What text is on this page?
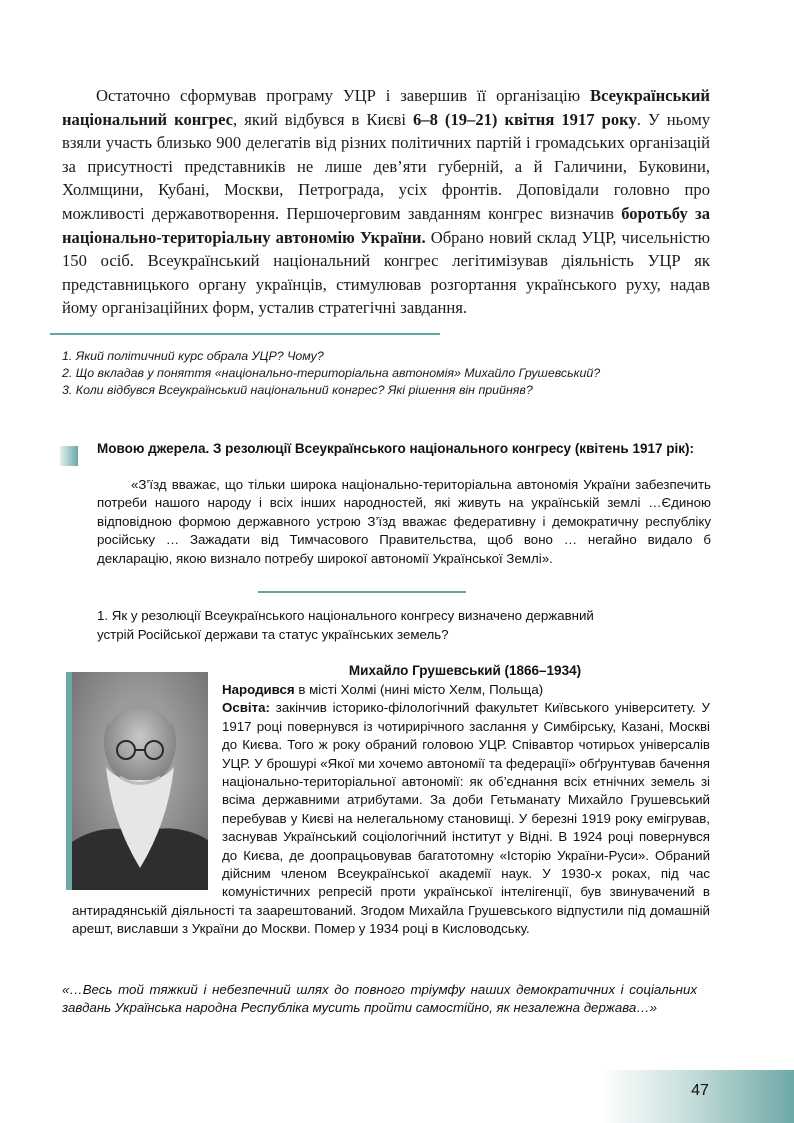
Остаточно сформував програму УЦР і завершив її організацію Всеукраїнський національний конгрес, який відбувся в Києві 6–8 (19–21) квітня 1917 року. У ньому взяли участь близько 900 делегатів від різних політичних партій і громадських організацій за присутності представників не лише дев’яти губерній, а й Галичини, Буковини, Холмщини, Кубані, Москви, Петрограда, усіх фронтів. Доповідали головно про можливості державотворення. Першочерговим завданням конгрес визначив боротьбу за національно-територіальну автономію України. Обрано новий склад УЦР, чисельністю 150 осіб. Всеукраїнський національний конгрес легітимізував діяльність УЦР як представницького органу українців, стимулював розгортання українського руху, надав йому організаційних форм, усталив стратегічні завдання.

1. Який політичний курс обрала УЦР? Чому?
2. Що вкладав у поняття «національно-територіальна автономія» Михайло Грушевський?
3. Коли відбувся Всеукраїнський національний конгрес? Які рішення він прийняв?

Мовою джерела. З резолюції Всеукраїнського національного конгресу (квітень 1917 рік):

«З’їзд вважає, що тільки широка національно-територіальна автономія України забезпечить потреби нашого народу і всіх інших народностей, які живуть на українській землі …Єдиною відповідною формою державного устрою З’їзд вважає федеративну і демократичну республіку російську … Зажадати від Тимчасового Правительства, щоб воно … негайно видало б декларацію, якою визнало потребу широкої автономії Української Землі».

1. Як у резолюції Всеукраїнського національного конгресу визначено державний
устрій Російської держави та статус українських земель?

Михайло Грушевський (1866–1934)

Народився в місті Холмі (нині місто Хелм, Польща)
Освіта: закінчив історико-філологічний факультет Київського університету. У 1917 році повернувся із чотирирічного заслання у Симбірську, Казані, Москві до Києва. Того ж року обраний головою УЦР. Співавтор чотирьох універсалів УЦР. У брошурі «Якої ми хочемо автономії та федерації» обґрунтував бачення національно-територіальної автономії: як об’єднання всіх етнічних земель зі всіма державними атрибутами. За доби Гетьманату Михайло Грушевський перебував у Києві на нелегальному становищі. У березні 1919 року емігрував, заснував Український соціологічний інститут у Відні. В 1924 році повернувся до Києва, де доопрацьовував багатотомну «Історію України-Руси». Обраний дійсним членом Всеукраїнської академії наук. У 1930-х роках, під час комуністичних репресій проти української інтелігенції, був звинувачений в антирадянській діяльності та заарештований. Згодом Михайла Грушевського відпустили під домашній арешт, виславши з України до Москви. Помер у 1934 році в Кисловодську.

«…Весь той тяжкий і небезпечний шлях до повного тріумфу наших демократичних і соціальних завдань Українська народна Республіка мусить пройти самостійно, як незалежна держава…»

47
